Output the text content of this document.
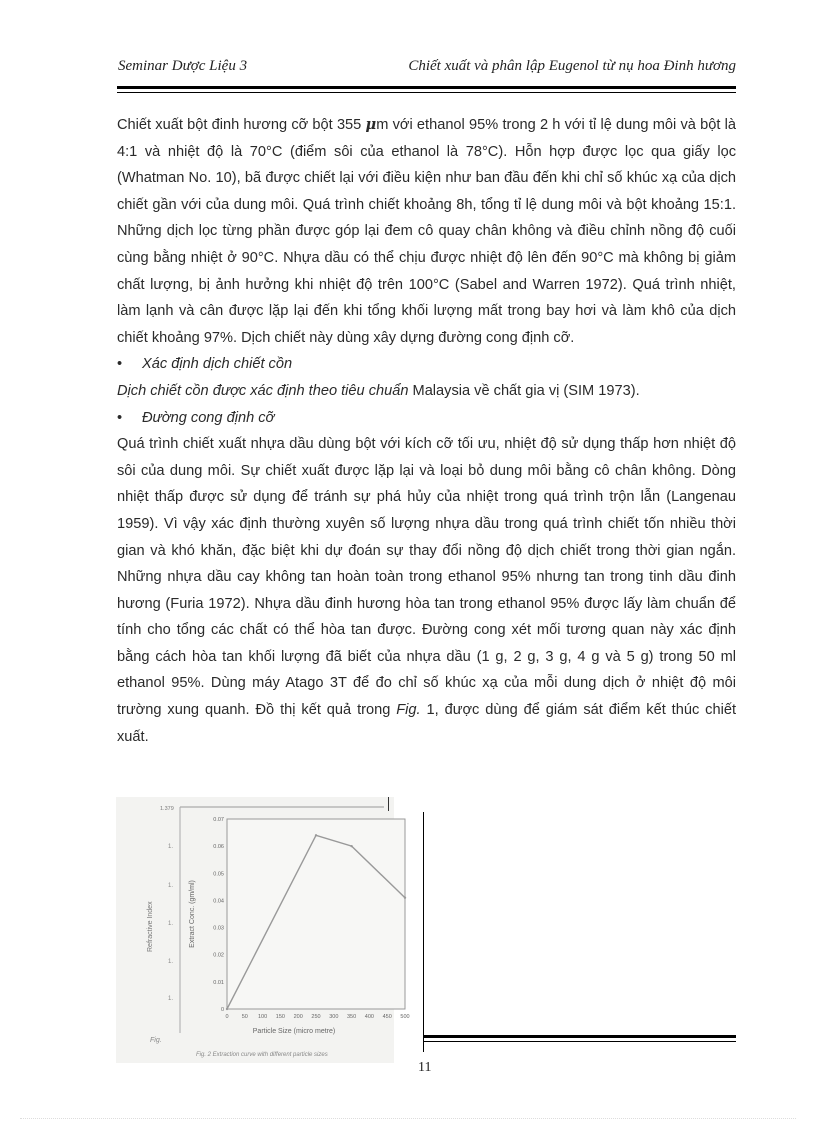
Seminar Dược Liệu 3	Chiết xuất và phân lập Eugenol từ nụ hoa Đinh hương

Chiết xuất bột đinh hương cỡ bột 355 μm với ethanol 95% trong 2 h với tỉ lệ dung môi và bột là 4:1 và nhiệt độ là 70°C (điểm sôi của ethanol là 78°C). Hỗn hợp được lọc qua giấy lọc (Whatman No. 10), bã được chiết lại với điều kiện như ban đầu đến khi chỉ số khúc xạ của dịch chiết gần với của dung môi. Quá trình chiết khoảng 8h, tổng tỉ lệ dung môi và bột khoảng 15:1. Những dịch lọc từng phần được góp lại đem cô quay chân không và điều chỉnh nồng độ cuối cùng bằng nhiệt ở 90°C. Nhựa dầu có thể chịu được nhiệt độ lên đến 90°C mà không bị giảm chất lượng, bị ảnh hưởng khi nhiệt độ trên 100°C (Sabel and Warren 1972). Quá trình nhiệt, làm lạnh và cân được lặp lại đến khi tổng khối lượng mất trong bay hơi và làm khô của dịch chiết khoảng 97%. Dịch chiết này dùng xây dựng đường cong định cỡ.

• Xác định dịch chiết cồn

Dịch chiết cồn được xác định theo tiêu chuẩn Malaysia về chất gia vị (SIM 1973).

• Đường cong định cỡ

Quá trình chiết xuất nhựa dầu dùng bột với kích cỡ tối ưu, nhiệt độ sử dụng thấp hơn nhiệt độ sôi của dung môi. Sự chiết xuất được lặp lại và loại bỏ dung môi bằng cô chân không. Dòng nhiệt thấp được sử dụng để tránh sự phá hủy của nhiệt trong quá trình trộn lẫn (Langenau 1959). Vì vậy xác định thường xuyên số lượng nhựa dầu trong quá trình chiết tốn nhiều thời gian và khó khăn, đặc biệt khi dự đoán sự thay đổi nồng độ dịch chiết trong thời gian ngắn. Những nhựa dầu cay không tan hoàn toàn trong ethanol 95% nhưng tan trong tinh dầu đinh hương (Furia 1972). Nhựa dầu đinh hương hòa tan trong ethanol 95% được lấy làm chuẩn để tính cho tổng các chất có thể hòa tan được. Đường cong xét mối tương quan này xác định bằng cách hòa tan khối lượng đã biết của nhựa dầu (1 g, 2 g, 3 g, 4 g và 5 g) trong 50 ml ethanol 95%. Dùng máy Atago 3T để đo chỉ số khúc xạ của mỗi dung dịch ở nhiệt độ môi trường xung quanh. Đồ thị kết quả trong Fig. 1, được dùng để giám sát điểm kết thúc chiết xuất.

1.379
1.
1.
1.
1.
1.
Refractive Index
0
0.01
0.02
0.03
0.04
0.05
0.06
0.07
0 50 100 150 200 250 300 350 400 450 500
Particle Size (micro metre)
Extract Conc. (gm/ml)
Fig.
Fig. 2 Extraction curve with different particle sizes
11
